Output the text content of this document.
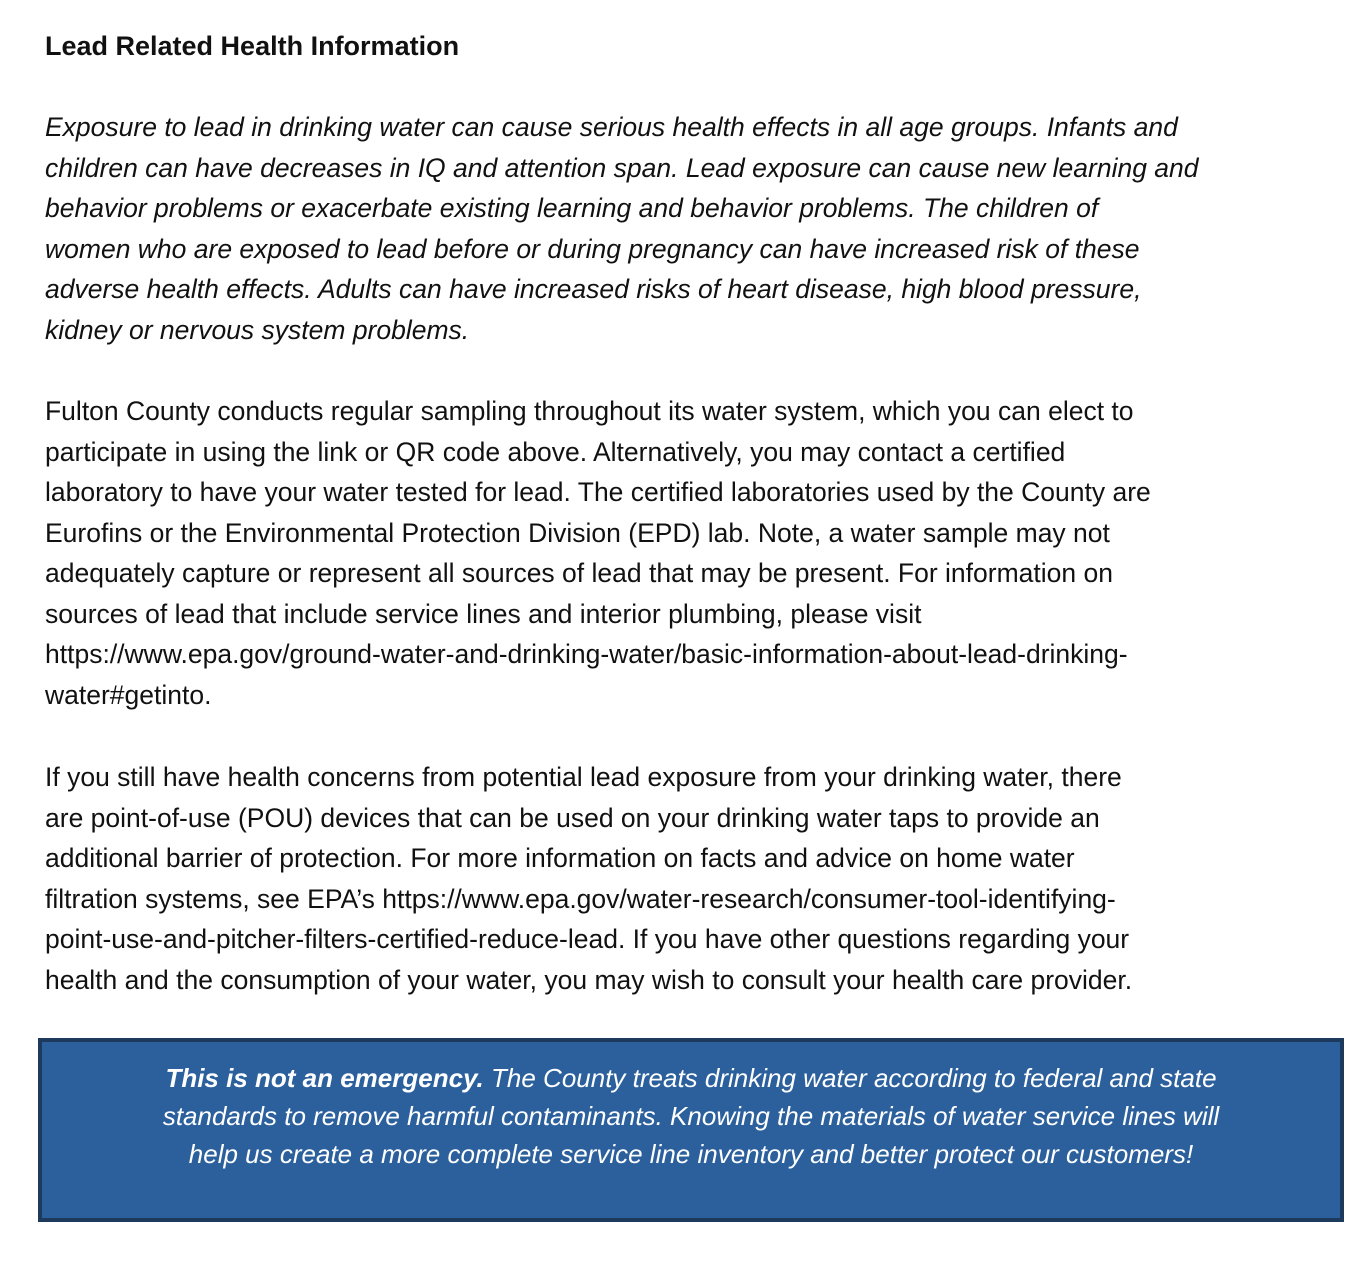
Lead Related Health Information

Exposure to lead in drinking water can cause serious health effects in all age groups. Infants and
children can have decreases in IQ and attention span. Lead exposure can cause new learning and
behavior problems or exacerbate existing learning and behavior problems. The children of
women who are exposed to lead before or during pregnancy can have increased risk of these
adverse health effects. Adults can have increased risks of heart disease, high blood pressure,
kidney or nervous system problems.

Fulton County conducts regular sampling throughout its water system, which you can elect to
participate in using the link or QR code above. Alternatively, you may contact a certified
laboratory to have your water tested for lead. The certified laboratories used by the County are
Eurofins or the Environmental Protection Division (EPD) lab. Note, a water sample may not
adequately capture or represent all sources of lead that may be present. For information on
sources of lead that include service lines and interior plumbing, please visit
https://www.epa.gov/ground-water-and-drinking-water/basic-information-about-lead-drinking-
water#getinto.

If you still have health concerns from potential lead exposure from your drinking water, there
are point-of-use (POU) devices that can be used on your drinking water taps to provide an
additional barrier of protection. For more information on facts and advice on home water
filtration systems, see EPA’s https://www.epa.gov/water-research/consumer-tool-identifying-
point-use-and-pitcher-filters-certified-reduce-lead. If you have other questions regarding your
health and the consumption of your water, you may wish to consult your health care provider.

This is not an emergency. The County treats drinking water according to federal and state
standards to remove harmful contaminants. Knowing the materials of water service lines will
help us create a more complete service line inventory and better protect our customers!
